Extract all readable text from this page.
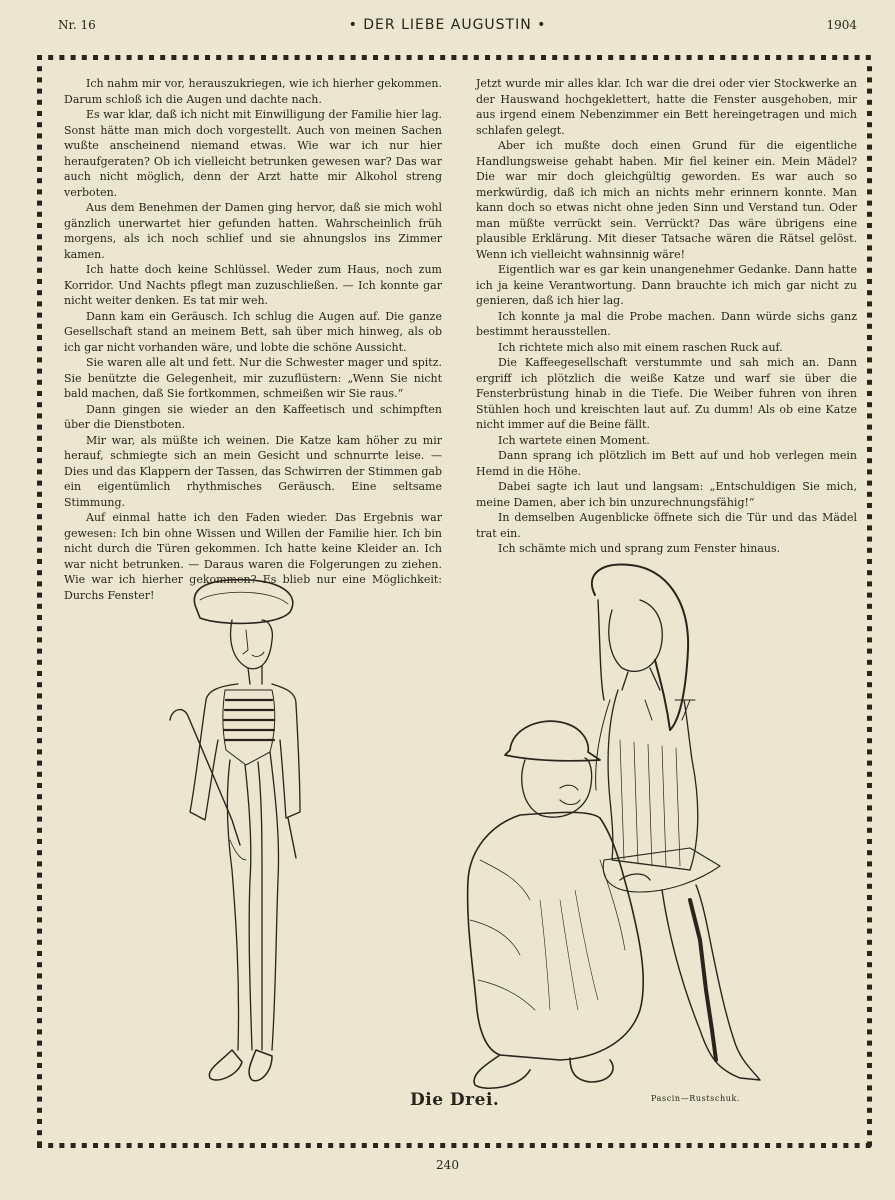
Nr. 16	• DER LIEBE AUGUSTIN •	1904

Ich nahm mir vor, herauszukriegen, wie ich hierher gekommen. Darum schloß ich die Augen und dachte nach.

Es war klar, daß ich nicht mit Einwilligung der Familie hier lag. Sonst hätte man mich doch vorgestellt. Auch von meinen Sachen wußte anscheinend niemand etwas. Wie war ich nur hier heraufgeraten? Ob ich vielleicht betrunken gewesen war? Das war auch nicht möglich, denn der Arzt hatte mir Alkohol streng verboten.

Aus dem Benehmen der Damen ging hervor, daß sie mich wohl gänzlich unerwartet hier gefunden hatten. Wahrscheinlich früh morgens, als ich noch schlief und sie ahnungslos ins Zimmer kamen.

Ich hatte doch keine Schlüssel. Weder zum Haus, noch zum Korridor. Und Nachts pflegt man zuzuschließen. — Ich konnte gar nicht weiter denken. Es tat mir weh.

Dann kam ein Geräusch. Ich schlug die Augen auf. Die ganze Gesellschaft stand an meinem Bett, sah über mich hinweg, als ob ich gar nicht vorhanden wäre, und lobte die schöne Aussicht.

Sie waren alle alt und fett. Nur die Schwester mager und spitz. Sie benützte die Gelegenheit, mir zuzuflüstern: „Wenn Sie nicht bald machen, daß Sie fortkommen, schmeißen wir Sie raus.“

Dann gingen sie wieder an den Kaffeetisch und schimpften über die Dienstboten.

Mir war, als müßte ich weinen. Die Katze kam höher zu mir herauf, schmiegte sich an mein Gesicht und schnurrte leise. — Dies und das Klappern der Tassen, das Schwirren der Stimmen gab ein eigentümlich rhythmisches Geräusch. Eine seltsame Stimmung.

Auf einmal hatte ich den Faden wieder. Das Ergebnis war gewesen: Ich bin ohne Wissen und Willen der Familie hier. Ich bin nicht durch die Türen gekommen. Ich hatte keine Kleider an. Ich war nicht betrunken. — Daraus waren die Folgerungen zu ziehen. Wie war ich hierher gekommen? Es blieb nur eine Möglichkeit: Durchs Fenster!

Jetzt wurde mir alles klar. Ich war die drei oder vier Stockwerke an der Hauswand hochgeklettert, hatte die Fenster ausgehoben, mir aus irgend einem Nebenzimmer ein Bett hereingetragen und mich schlafen gelegt.

Aber ich mußte doch einen Grund für die eigentliche Handlungsweise gehabt haben. Mir fiel keiner ein. Mein Mädel? Die war mir doch gleichgültig geworden. Es war auch so merkwürdig, daß ich mich an nichts mehr erinnern konnte. Man kann doch so etwas nicht ohne jeden Sinn und Verstand tun. Oder man müßte verrückt sein. Verrückt? Das wäre übrigens eine plausible Erklärung. Mit dieser Tatsache wären die Rätsel gelöst. Wenn ich vielleicht wahnsinnig wäre!

Eigentlich war es gar kein unangenehmer Gedanke. Dann hatte ich ja keine Verantwortung. Dann brauchte ich mich gar nicht zu genieren, daß ich hier lag.

Ich konnte ja mal die Probe machen. Dann würde sichs ganz bestimmt herausstellen.

Ich richtete mich also mit einem raschen Ruck auf.

Die Kaffeegesellschaft verstummte und sah mich an. Dann ergriff ich plötzlich die weiße Katze und warf sie über die Fensterbrüstung hinab in die Tiefe. Die Weiber fuhren von ihren Stühlen hoch und kreischten laut auf. Zu dumm! Als ob eine Katze nicht immer auf die Beine fällt.

Ich wartete einen Moment.

Dann sprang ich plötzlich im Bett auf und hob verlegen mein Hemd in die Höhe.

Dabei sagte ich laut und langsam: „Entschuldigen Sie mich, meine Damen, aber ich bin unzurechnungsfähig!“

In demselben Augenblicke öffnete sich die Tür und das Mädel trat ein.

Ich schämte mich und sprang zum Fenster hinaus.

Die Drei.	Pascin—Rustschuk.
240
